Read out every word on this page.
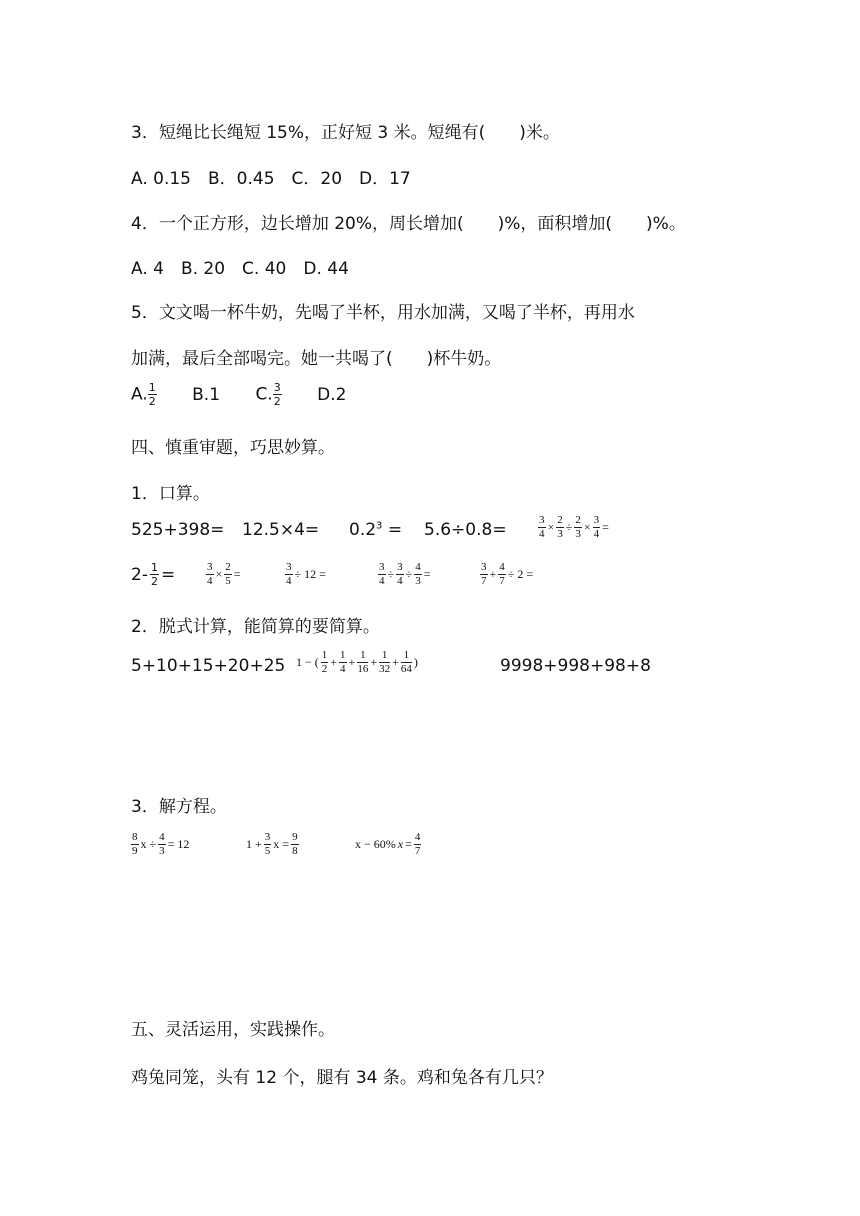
3．短绳比长绳短 15%，正好短 3 米。短绳有(　　)米。
A. 0.15　B．0.45　C．20　D．17
4．一个正方形，边长增加 20%，周长增加(　　)%，面积增加(　　)%。
A. 4　B. 20　C. 40　D. 44
5．文文喝一杯牛奶，先喝了半杯，用水加满，又喝了半杯，再用水
加满，最后全部喝完。她一共喝了(　　)杯牛奶。
A. $\frac{1}{2} B.1$ C. $\frac{3}{2} D.2$
四、慎重审题，巧思妙算。
1．口算。
$525+398= 12.5\times 4= 0.2^3 = 5.6\div 0.8=$	$\frac{3}{4} \times \frac{2}{3} \div \frac{2}{3} \times \frac{3}{4}$ =
$2- \frac{1}{2}$ =	$\frac{3}{4} \times \frac{2}{5}$ =	$\frac{3}{4} \div 12$ =	$\frac{3}{4} \div \frac{3}{4} \div \frac{4}{3}$ =	$\frac{3}{7} + \frac{4}{7} \div 2$ =
2．脱式计算，能简算的要简算。
5+10+15+20+25 1 − ( $\frac{1}{2} + \frac{1}{4} + \frac{1}{16} + \frac{1}{32} + \frac{1}{64}$ )	9998+998+98+8
3．解方程。
$\frac{8}{9}$ $x \div \frac{4}{3} = 12$	$1 + \frac{3}{5}$ $x = \frac{9}{8}$	x − 60% $x = \frac{4}{7}$
五、灵活运用，实践操作。
鸡兔同笼，头有 12 个，腿有 34 条。鸡和兔各有几只？
